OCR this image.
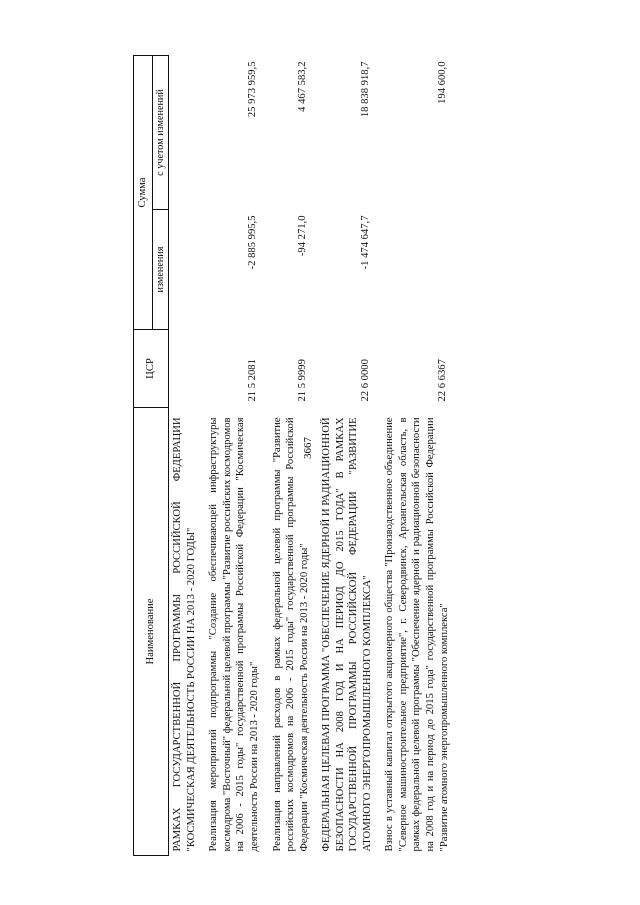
3667
Наименование	ЦСР	Сумма	
		изменения	с учетом изменений
РАМКАХ ГОСУДАРСТВЕННОЙ ПРОГРАММЫ РОССИЙСКОЙ ФЕДЕРАЦИИ "КОСМИЧЕСКАЯ ДЕЯТЕЛЬНОСТЬ РОССИИ НА 2013 - 2020 ГОДЫ"			
Реализация мероприятий подпрограммы "Создание обеспечивающей инфраструктуры космодрома "Восточный" федеральной целевой программы "Развитие российских космодромов на 2006 - 2015 годы" государственной программы Российской Федерации "Космическая деятельность России на 2013 - 2020 годы"	21 5 2081	-2 885 995,5	25 973 959,5
Реализация направлений расходов в рамках федеральной целевой программы "Развитие российских космодромов на 2006 - 2015 годы" государственной программы Российской Федерации "Космическая деятельность России на 2013 - 2020 годы"	21 5 9999	-94 271,0	4 467 583,2
ФЕДЕРАЛЬНАЯ ЦЕЛЕВАЯ ПРОГРАММА "ОБЕСПЕЧЕНИЕ ЯДЕРНОЙ И РАДИАЦИОННОЙ БЕЗОПАСНОСТИ НА 2008 ГОД И НА ПЕРИОД ДО 2015 ГОДА" В РАМКАХ ГОСУДАРСТВЕННОЙ ПРОГРАММЫ РОССИЙСКОЙ ФЕДЕРАЦИИ "РАЗВИТИЕ АТОМНОГО ЭНЕРГОПРОМЫШЛЕННОГО КОМПЛЕКСА"	22 6 0000	-1 474 647,7	18 838 918,7
Взнос в уставный капитал открытого акционерного общества "Производственное объединение "Северное машиностроительное предприятие", г. Северодвинск, Архангельская область, в рамках федеральной целевой программы "Обеспечение ядерной и радиационной безопасности на 2008 год и на период до 2015 года" государственной программы Российской Федерации "Развитие атомного энергопромышленного комплекса"	22 6 6367		194 600,0
